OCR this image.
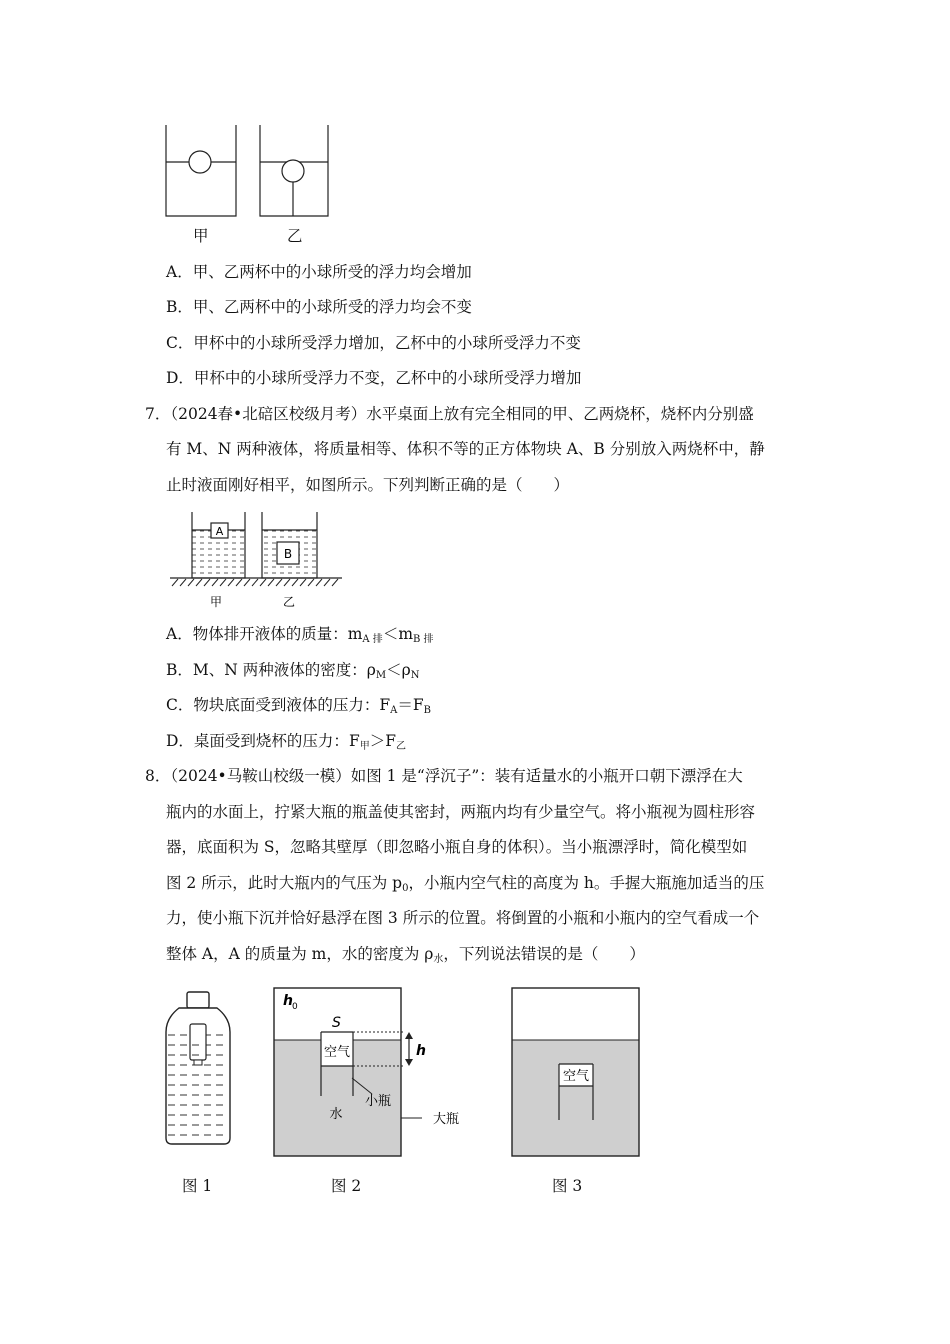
甲	乙
A．甲、乙两杯中的小球所受的浮力均会增加
B．甲、乙两杯中的小球所受的浮力均会不变
C．甲杯中的小球所受浮力增加，乙杯中的小球所受浮力不变
D．甲杯中的小球所受浮力不变，乙杯中的小球所受浮力增加
7．（2024春•北碚区校级月考）水平桌面上放有完全相同的甲、乙两烧杯，烧杯内分别盛
有 M、N 两种液体，将质量相等、体积不等的正方体物块 A、B 分别放入两烧杯中，静
止时液面刚好相平，如图所示。下列判断正确的是（　　）
A
B
甲	乙
A．物体排开液体的质量：$m_{A 排}<m_{B 排}$
B．M、N 两种液体的密度：$\rho_M<\rho_N$
C．物块底面受到液体的压力：$F_A=F_B$
D．桌面受到烧杯的压力：$F_甲>F_乙$
8．（2024•马鞍山校级一模）如图 1 是“浮沉子”：装有适量水的小瓶开口朝下漂浮在大
瓶内的水面上，拧紧大瓶的瓶盖使其密封，两瓶内均有少量空气。将小瓶视为圆柱形容
器，底面积为 S，忽略其壁厚（即忽略小瓶自身的体积）。当小瓶漂浮时，简化模型如
图 2 所示，此时大瓶内的气压为 $p_0$，小瓶内空气柱的高度为 h。手握大瓶施加适当的压
力，使小瓶下沉并恰好悬浮在图 3 所示的位置。将倒置的小瓶和小瓶内的空气看成一个
整体 A，A 的质量为 m，水的密度为 $\rho_水$，下列说法错误的是（　　）
h 0
S
空气	h
小瓶
水	大瓶
空气
图 1	图 2	图 3
